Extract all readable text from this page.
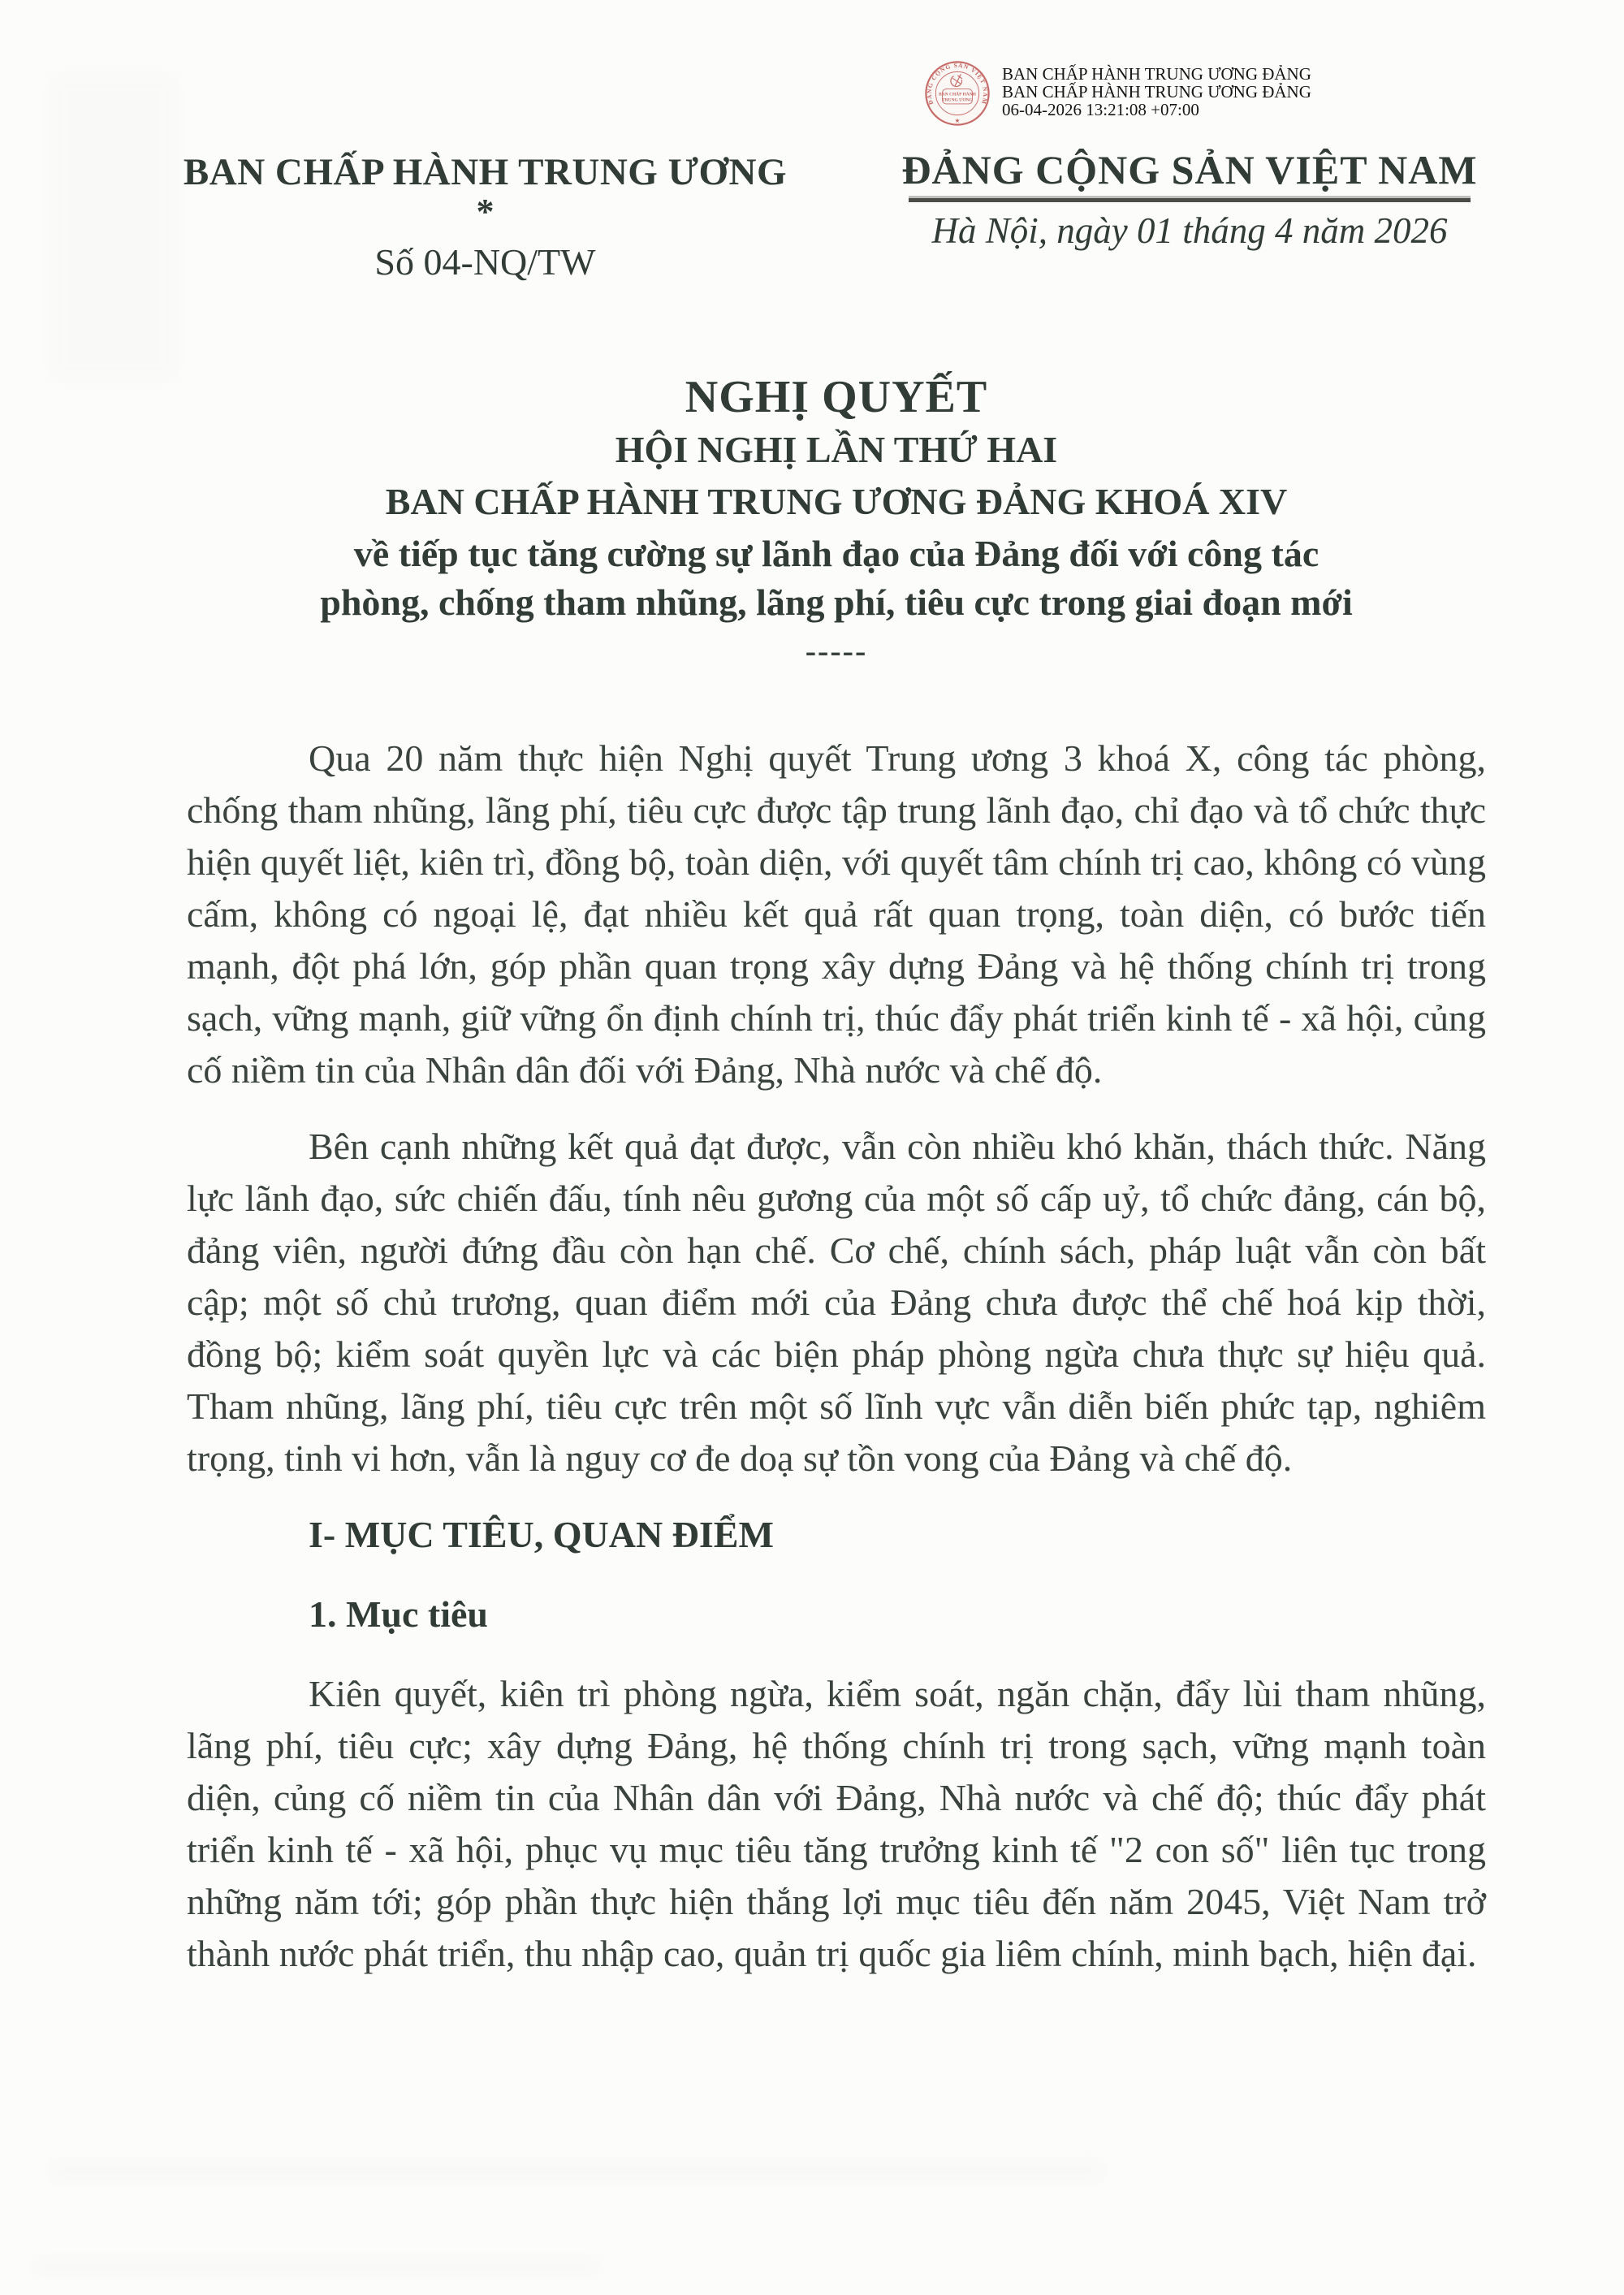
ĐẢNG CỘNG SẢN VIỆT NAM
BAN CHẤP HÀNH
TRUNG ƯƠNG
★
BAN CHẤP HÀNH TRUNG ƯƠNG ĐẢNG
BAN CHẤP HÀNH TRUNG ƯƠNG ĐẢNG
06-04-2026 13:21:08 +07:00
BAN CHẤP HÀNH TRUNG ƯƠNG
*
Số 04-NQ/TW
ĐẢNG CỘNG SẢN VIỆT NAM
Hà Nội, ngày 01 tháng 4 năm 2026
NGHỊ QUYẾT
HỘI NGHỊ LẦN THỨ HAI
BAN CHẤP HÀNH TRUNG ƯƠNG ĐẢNG KHOÁ XIV
về tiếp tục tăng cường sự lãnh đạo của Đảng đối với công tác
phòng, chống tham nhũng, lãng phí, tiêu cực trong giai đoạn mới
-----

Qua 20 năm thực hiện Nghị quyết Trung ương 3 khoá X, công tác phòng, chống tham nhũng, lãng phí, tiêu cực được tập trung lãnh đạo, chỉ đạo và tổ chức thực hiện quyết liệt, kiên trì, đồng bộ, toàn diện, với quyết tâm chính trị cao, không có vùng cấm, không có ngoại lệ, đạt nhiều kết quả rất quan trọng, toàn diện, có bước tiến mạnh, đột phá lớn, góp phần quan trọng xây dựng Đảng và hệ thống chính trị trong sạch, vững mạnh, giữ vững ổn định chính trị, thúc đẩy phát triển kinh tế - xã hội, củng cố niềm tin của Nhân dân đối với Đảng, Nhà nước và chế độ.

Bên cạnh những kết quả đạt được, vẫn còn nhiều khó khăn, thách thức. Năng lực lãnh đạo, sức chiến đấu, tính nêu gương của một số cấp uỷ, tổ chức đảng, cán bộ, đảng viên, người đứng đầu còn hạn chế. Cơ chế, chính sách, pháp luật vẫn còn bất cập; một số chủ trương, quan điểm mới của Đảng chưa được thể chế hoá kịp thời, đồng bộ; kiểm soát quyền lực và các biện pháp phòng ngừa chưa thực sự hiệu quả. Tham nhũng, lãng phí, tiêu cực trên một số lĩnh vực vẫn diễn biến phức tạp, nghiêm trọng, tinh vi hơn, vẫn là nguy cơ đe doạ sự tồn vong của Đảng và chế độ.

I- MỤC TIÊU, QUAN ĐIỂM
1. Mục tiêu

Kiên quyết, kiên trì phòng ngừa, kiểm soát, ngăn chặn, đẩy lùi tham nhũng, lãng phí, tiêu cực; xây dựng Đảng, hệ thống chính trị trong sạch, vững mạnh toàn diện, củng cố niềm tin của Nhân dân với Đảng, Nhà nước và chế độ; thúc đẩy phát triển kinh tế - xã hội, phục vụ mục tiêu tăng trưởng kinh tế "2 con số" liên tục trong những năm tới; góp phần thực hiện thắng lợi mục tiêu đến năm 2045, Việt Nam trở thành nước phát triển, thu nhập cao, quản trị quốc gia liêm chính, minh bạch, hiện đại.
